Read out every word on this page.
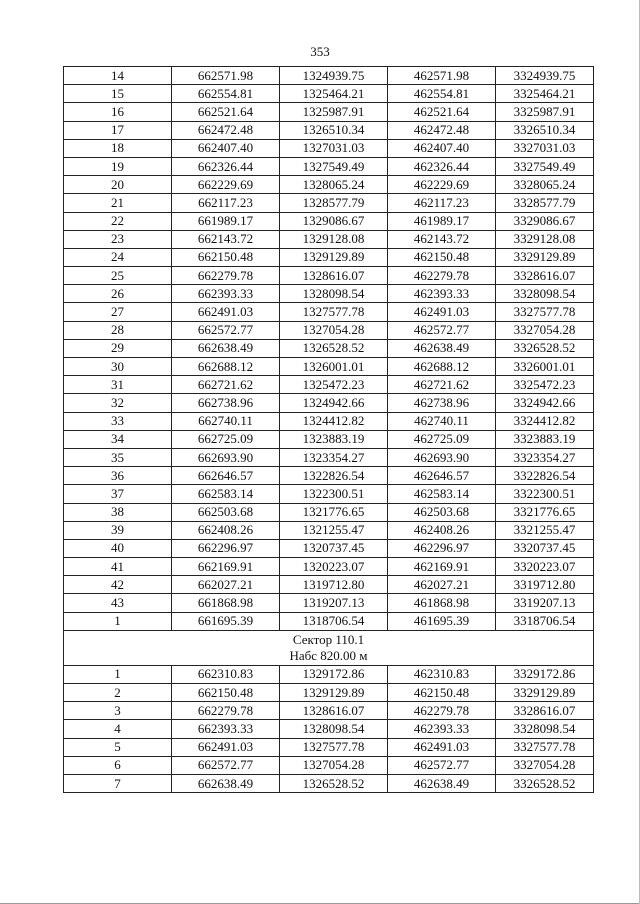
353
14	662571.98	1324939.75	462571.98	3324939.75
15	662554.81	1325464.21	462554.81	3325464.21
16	662521.64	1325987.91	462521.64	3325987.91
17	662472.48	1326510.34	462472.48	3326510.34
18	662407.40	1327031.03	462407.40	3327031.03
19	662326.44	1327549.49	462326.44	3327549.49
20	662229.69	1328065.24	462229.69	3328065.24
21	662117.23	1328577.79	462117.23	3328577.79
22	661989.17	1329086.67	461989.17	3329086.67
23	662143.72	1329128.08	462143.72	3329128.08
24	662150.48	1329129.89	462150.48	3329129.89
25	662279.78	1328616.07	462279.78	3328616.07
26	662393.33	1328098.54	462393.33	3328098.54
27	662491.03	1327577.78	462491.03	3327577.78
28	662572.77	1327054.28	462572.77	3327054.28
29	662638.49	1326528.52	462638.49	3326528.52
30	662688.12	1326001.01	462688.12	3326001.01
31	662721.62	1325472.23	462721.62	3325472.23
32	662738.96	1324942.66	462738.96	3324942.66
33	662740.11	1324412.82	462740.11	3324412.82
34	662725.09	1323883.19	462725.09	3323883.19
35	662693.90	1323354.27	462693.90	3323354.27
36	662646.57	1322826.54	462646.57	3322826.54
37	662583.14	1322300.51	462583.14	3322300.51
38	662503.68	1321776.65	462503.68	3321776.65
39	662408.26	1321255.47	462408.26	3321255.47
40	662296.97	1320737.45	462296.97	3320737.45
41	662169.91	1320223.07	462169.91	3320223.07
42	662027.21	1319712.80	462027.21	3319712.80
43	661868.98	1319207.13	461868.98	3319207.13
1	661695.39	1318706.54	461695.39	3318706.54

Сектор 110.1
Набс 820.00 м				

1	662310.83	1329172.86	462310.83	3329172.86
2	662150.48	1329129.89	462150.48	3329129.89
3	662279.78	1328616.07	462279.78	3328616.07
4	662393.33	1328098.54	462393.33	3328098.54
5	662491.03	1327577.78	462491.03	3327577.78
6	662572.77	1327054.28	462572.77	3327054.28
7	662638.49	1326528.52	462638.49	3326528.52
